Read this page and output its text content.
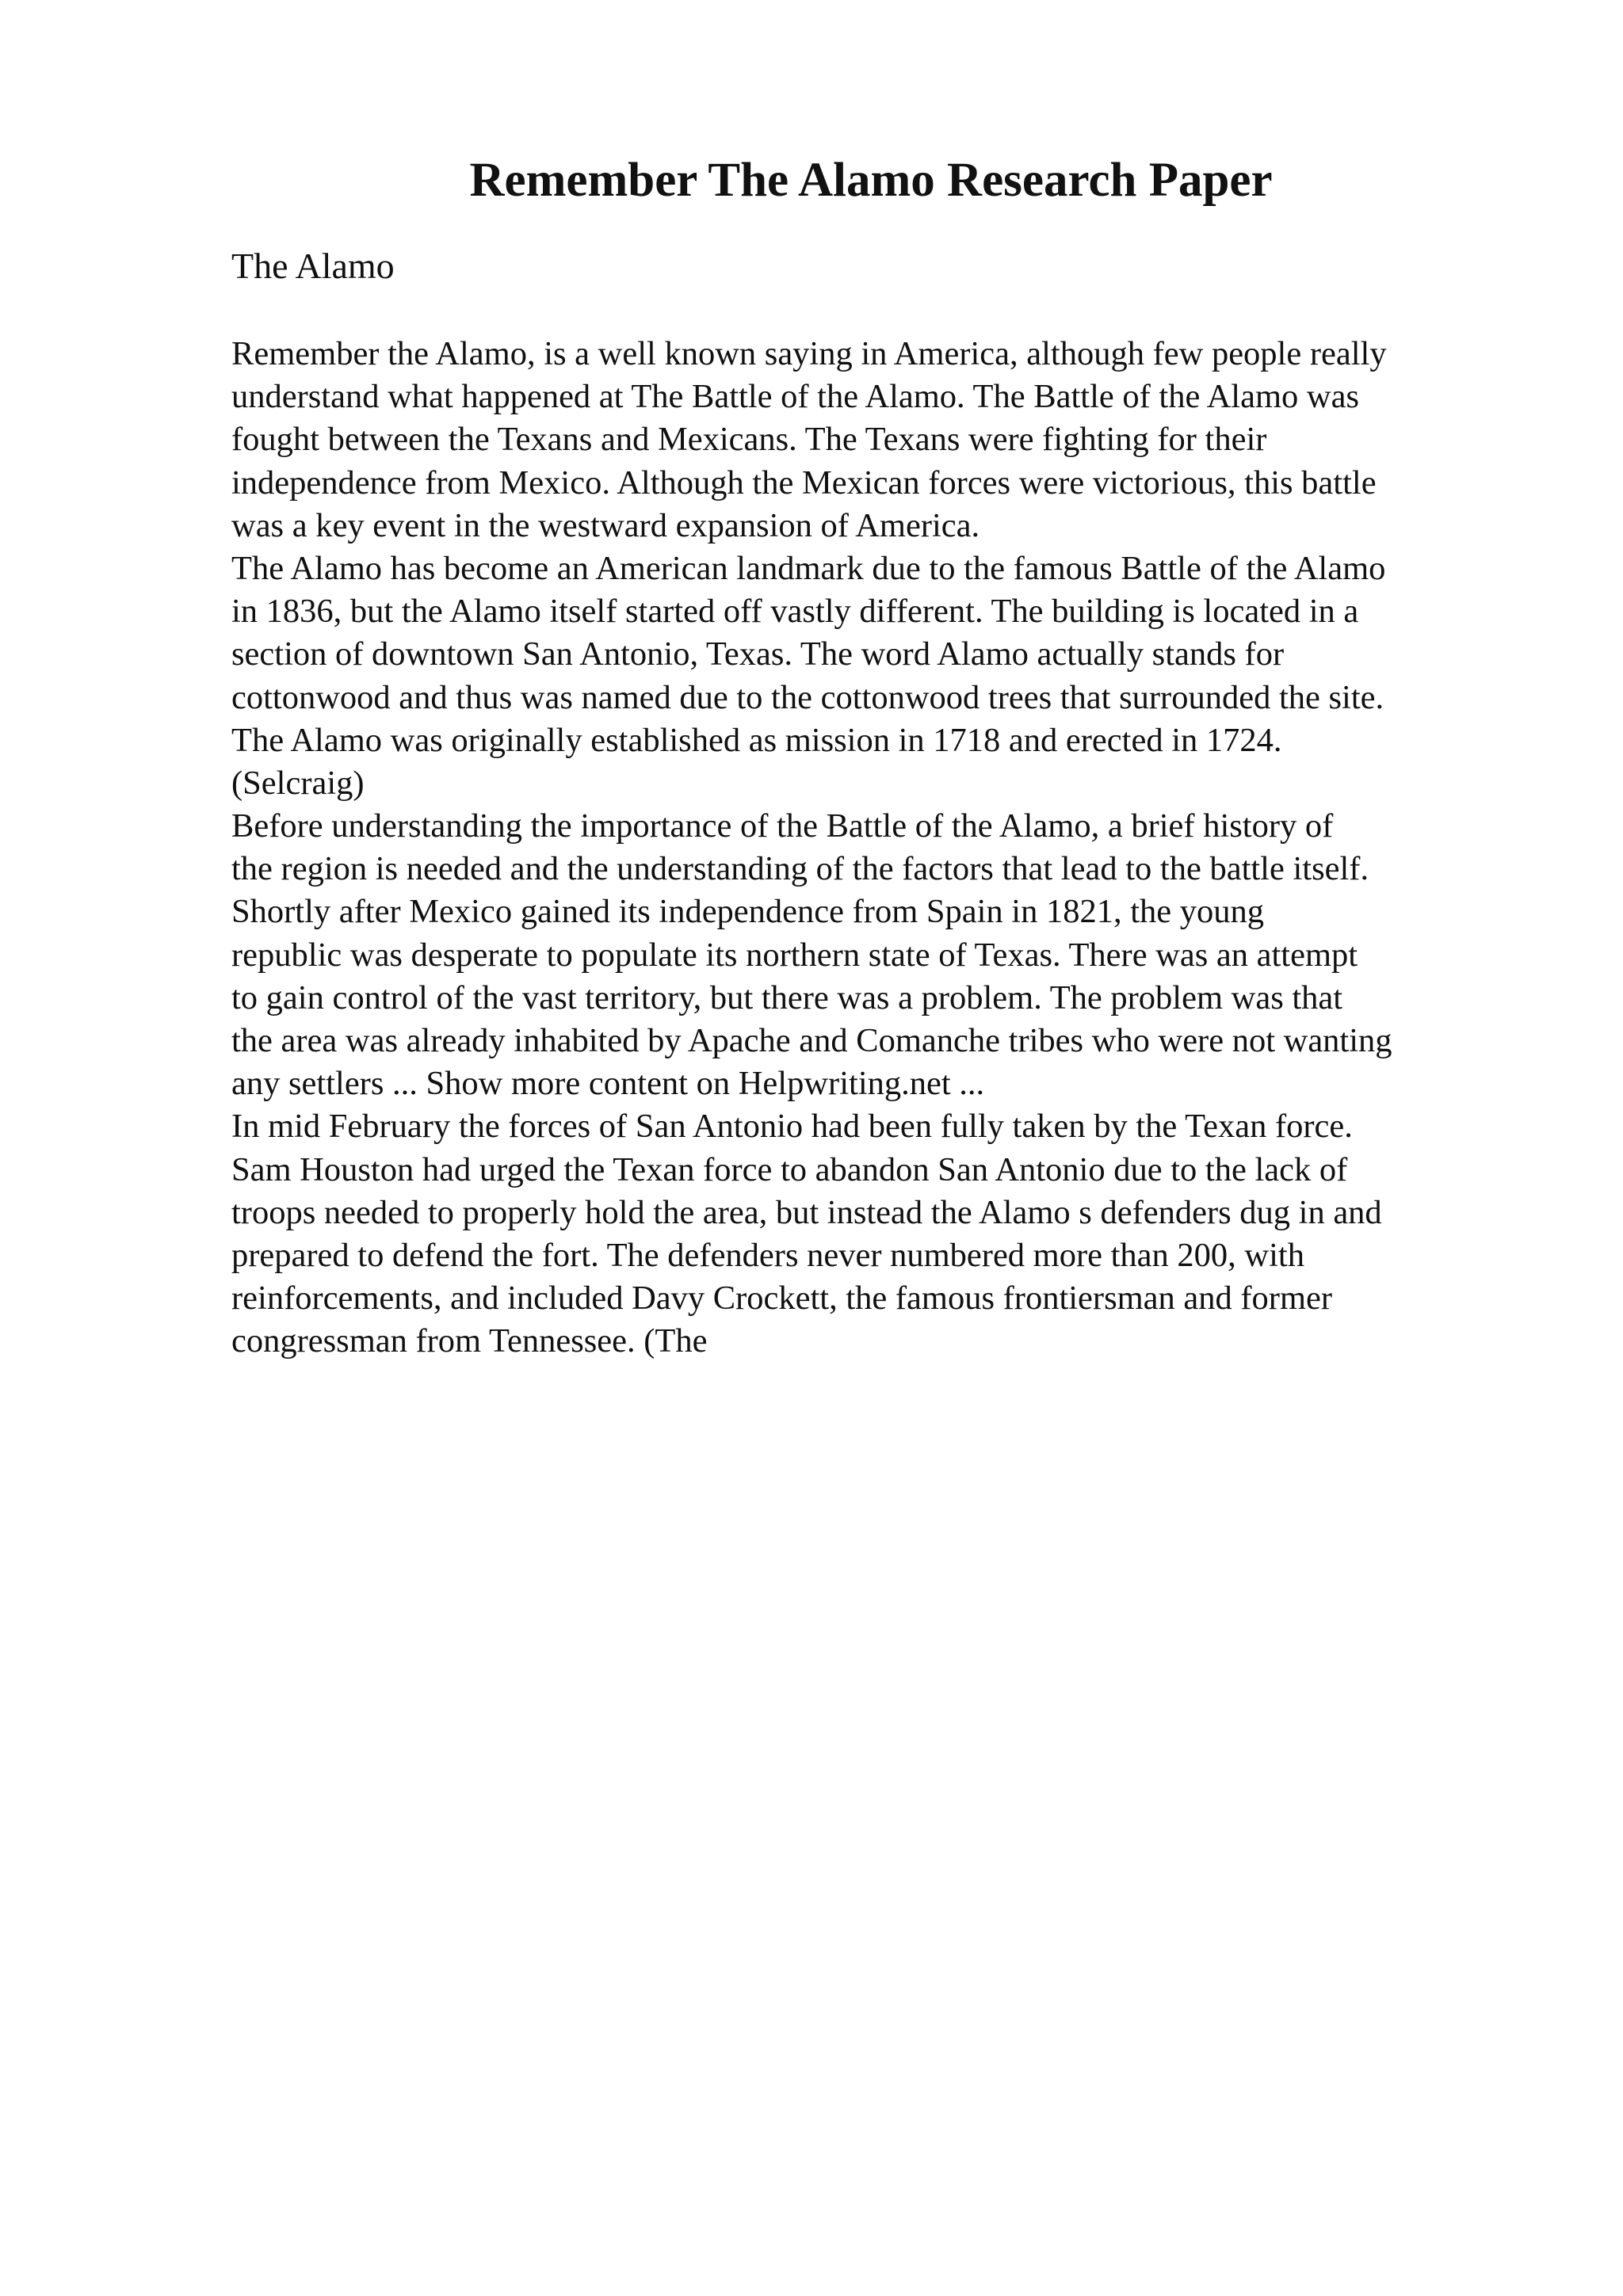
Remember The Alamo Research Paper

The Alamo

Remember the Alamo, is a well known saying in America, although few people really
understand what happened at The Battle of the Alamo. The Battle of the Alamo was
fought between the Texans and Mexicans. The Texans were fighting for their
independence from Mexico. Although the Mexican forces were victorious, this battle
was a key event in the westward expansion of America.
The Alamo has become an American landmark due to the famous Battle of the Alamo
in 1836, but the Alamo itself started off vastly different. The building is located in a
section of downtown San Antonio, Texas. The word Alamo actually stands for
cottonwood and thus was named due to the cottonwood trees that surrounded the site.
The Alamo was originally established as mission in 1718 and erected in 1724.
(Selcraig)
Before understanding the importance of the Battle of the Alamo, a brief history of
the region is needed and the understanding of the factors that lead to the battle itself.
Shortly after Mexico gained its independence from Spain in 1821, the young
republic was desperate to populate its northern state of Texas. There was an attempt
to gain control of the vast territory, but there was a problem. The problem was that
the area was already inhabited by Apache and Comanche tribes who were not wanting
any settlers ... Show more content on Helpwriting.net ...
In mid February the forces of San Antonio had been fully taken by the Texan force.
Sam Houston had urged the Texan force to abandon San Antonio due to the lack of
troops needed to properly hold the area, but instead the Alamo s defenders dug in and
prepared to defend the fort. The defenders never numbered more than 200, with
reinforcements, and included Davy Crockett, the famous frontiersman and former
congressman from Tennessee. (The
